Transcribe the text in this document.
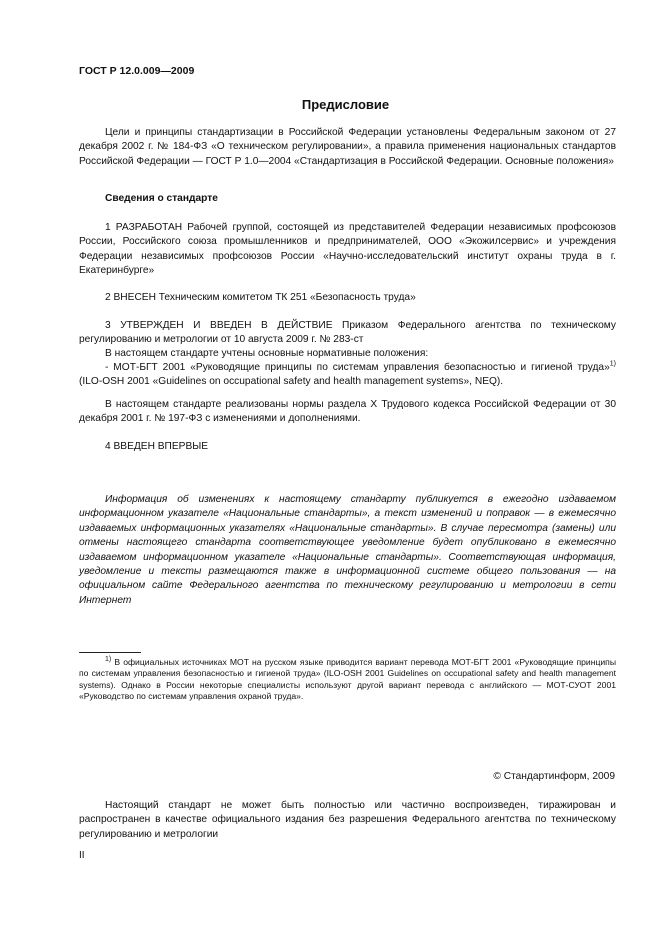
ГОСТ Р 12.0.009—2009
Предисловие

Цели и принципы стандартизации в Российской Федерации установлены Федеральным законом от 27 декабря 2002 г. № 184-ФЗ «О техническом регулировании», а правила применения национальных стандартов Российской Федерации — ГОСТ Р 1.0—2004 «Стандартизация в Российской Федерации. Основные положения»

Сведения о стандарте

1 РАЗРАБОТАН Рабочей группой, состоящей из представителей Федерации независимых профсоюзов России, Российского союза промышленников и предпринимателей, ООО «Экожилсервис» и учреждения Федерации независимых профсоюзов России «Научно-исследовательский институт охраны труда в г. Екатеринбурге»

2 ВНЕСЕН Техническим комитетом ТК 251 «Безопасность труда»

3 УТВЕРЖДЕН И ВВЕДЕН В ДЕЙСТВИЕ Приказом Федерального агентства по техническому регулированию и метрологии от 10 августа 2009 г. № 283-ст

В настоящем стандарте учтены основные нормативные положения:

- МОТ-БГТ 2001 «Руководящие принципы по системам управления безопасностью и гигиеной труда»$^{1)}$ (ILO-OSH 2001 «Guidelines on occupational safety and health management systems», NEQ).

В настоящем стандарте реализованы нормы раздела X Трудового кодекса Российской Федерации от 30 декабря 2001 г. № 197-ФЗ с изменениями и дополнениями.

4 ВВЕДЕН ВПЕРВЫЕ

Информация об изменениях к настоящему стандарту публикуется в ежегодно издаваемом информационном указателе «Национальные стандарты», а текст изменений и поправок — в ежемесячно издаваемых информационных указателях «Национальные стандарты». В случае пересмотра (замены) или отмены настоящего стандарта соответствующее уведомление будет опубликовано в ежемесячно издаваемом информационном указателе «Национальные стандарты». Соответствующая информация, уведомление и тексты размещаются также в информационной системе общего пользования — на официальном сайте Федерального агентства по техническому регулированию и метрологии в сети Интернет

$^{1)}$ В официальных источниках МОТ на русском языке приводится вариант перевода МОТ-БГТ 2001 «Руководящие принципы по системам управления безопасностью и гигиеной труда» (ILO-OSH 2001 Guidelines on occupational safety and health management systems). Однако в России некоторые специалисты используют другой вариант перевода с английского — МОТ-СУОТ 2001 «Руководство по системам управления охраной труда».

© Стандартинформ, 2009

Настоящий стандарт не может быть полностью или частично воспроизведен, тиражирован и распространен в качестве официального издания без разрешения Федерального агентства по техническому регулированию и метрологии

II
